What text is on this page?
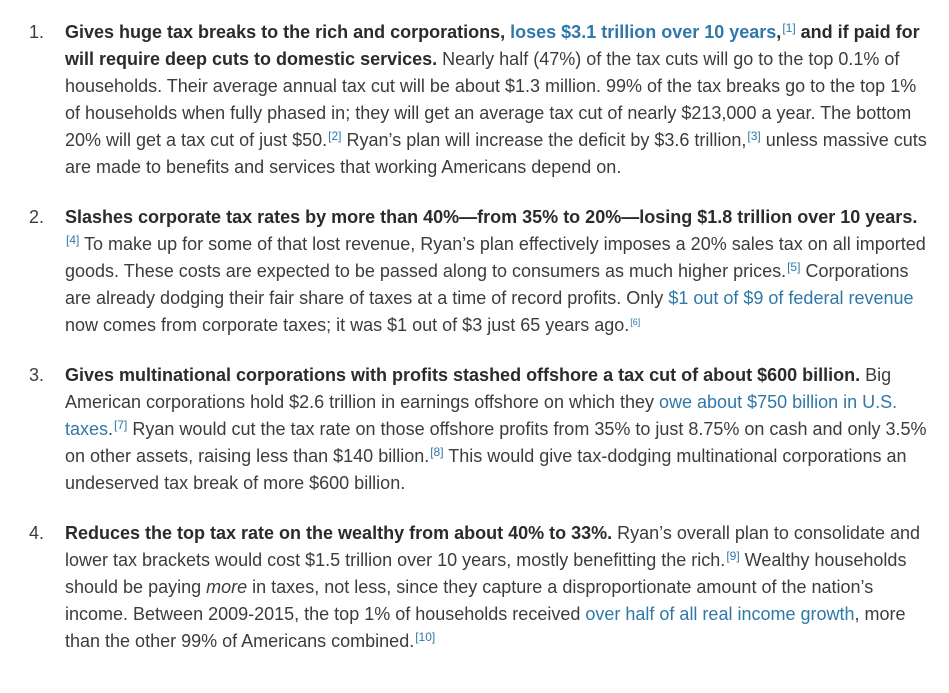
1. Gives huge tax breaks to the rich and corporations, loses $3.1 trillion over 10 years,[1] and if paid for will require deep cuts to domestic services. Nearly half (47%) of the tax cuts will go to the top 0.1% of households. Their average annual tax cut will be about $1.3 million. 99% of the tax breaks go to the top 1% of households when fully phased in; they will get an average tax cut of nearly $213,000 a year. The bottom 20% will get a tax cut of just $50.[2] Ryan’s plan will increase the deficit by $3.6 trillion,[3] unless massive cuts are made to benefits and services that working Americans depend on.
2. Slashes corporate tax rates by more than 40%—from 35% to 20%—losing $1.8 trillion over 10 years.[4] To make up for some of that lost revenue, Ryan’s plan effectively imposes a 20% sales tax on all imported goods. These costs are expected to be passed along to consumers as much higher prices.[5] Corporations are already dodging their fair share of taxes at a time of record profits. Only $1 out of $9 of federal revenue now comes from corporate taxes; it was $1 out of $3 just 65 years ago.[6]
3. Gives multinational corporations with profits stashed offshore a tax cut of about $600 billion. Big American corporations hold $2.6 trillion in earnings offshore on which they owe about $750 billion in U.S. taxes.[7] Ryan would cut the tax rate on those offshore profits from 35% to just 8.75% on cash and only 3.5% on other assets, raising less than $140 billion.[8] This would give tax-dodging multinational corporations an undeserved tax break of more $600 billion.
4. Reduces the top tax rate on the wealthy from about 40% to 33%. Ryan’s overall plan to consolidate and lower tax brackets would cost $1.5 trillion over 10 years, mostly benefitting the rich.[9] Wealthy households should be paying more in taxes, not less, since they capture a disproportionate amount of the nation’s income. Between 2009-2015, the top 1% of households received over half of all real income growth, more than the other 99% of Americans combined.[10]
